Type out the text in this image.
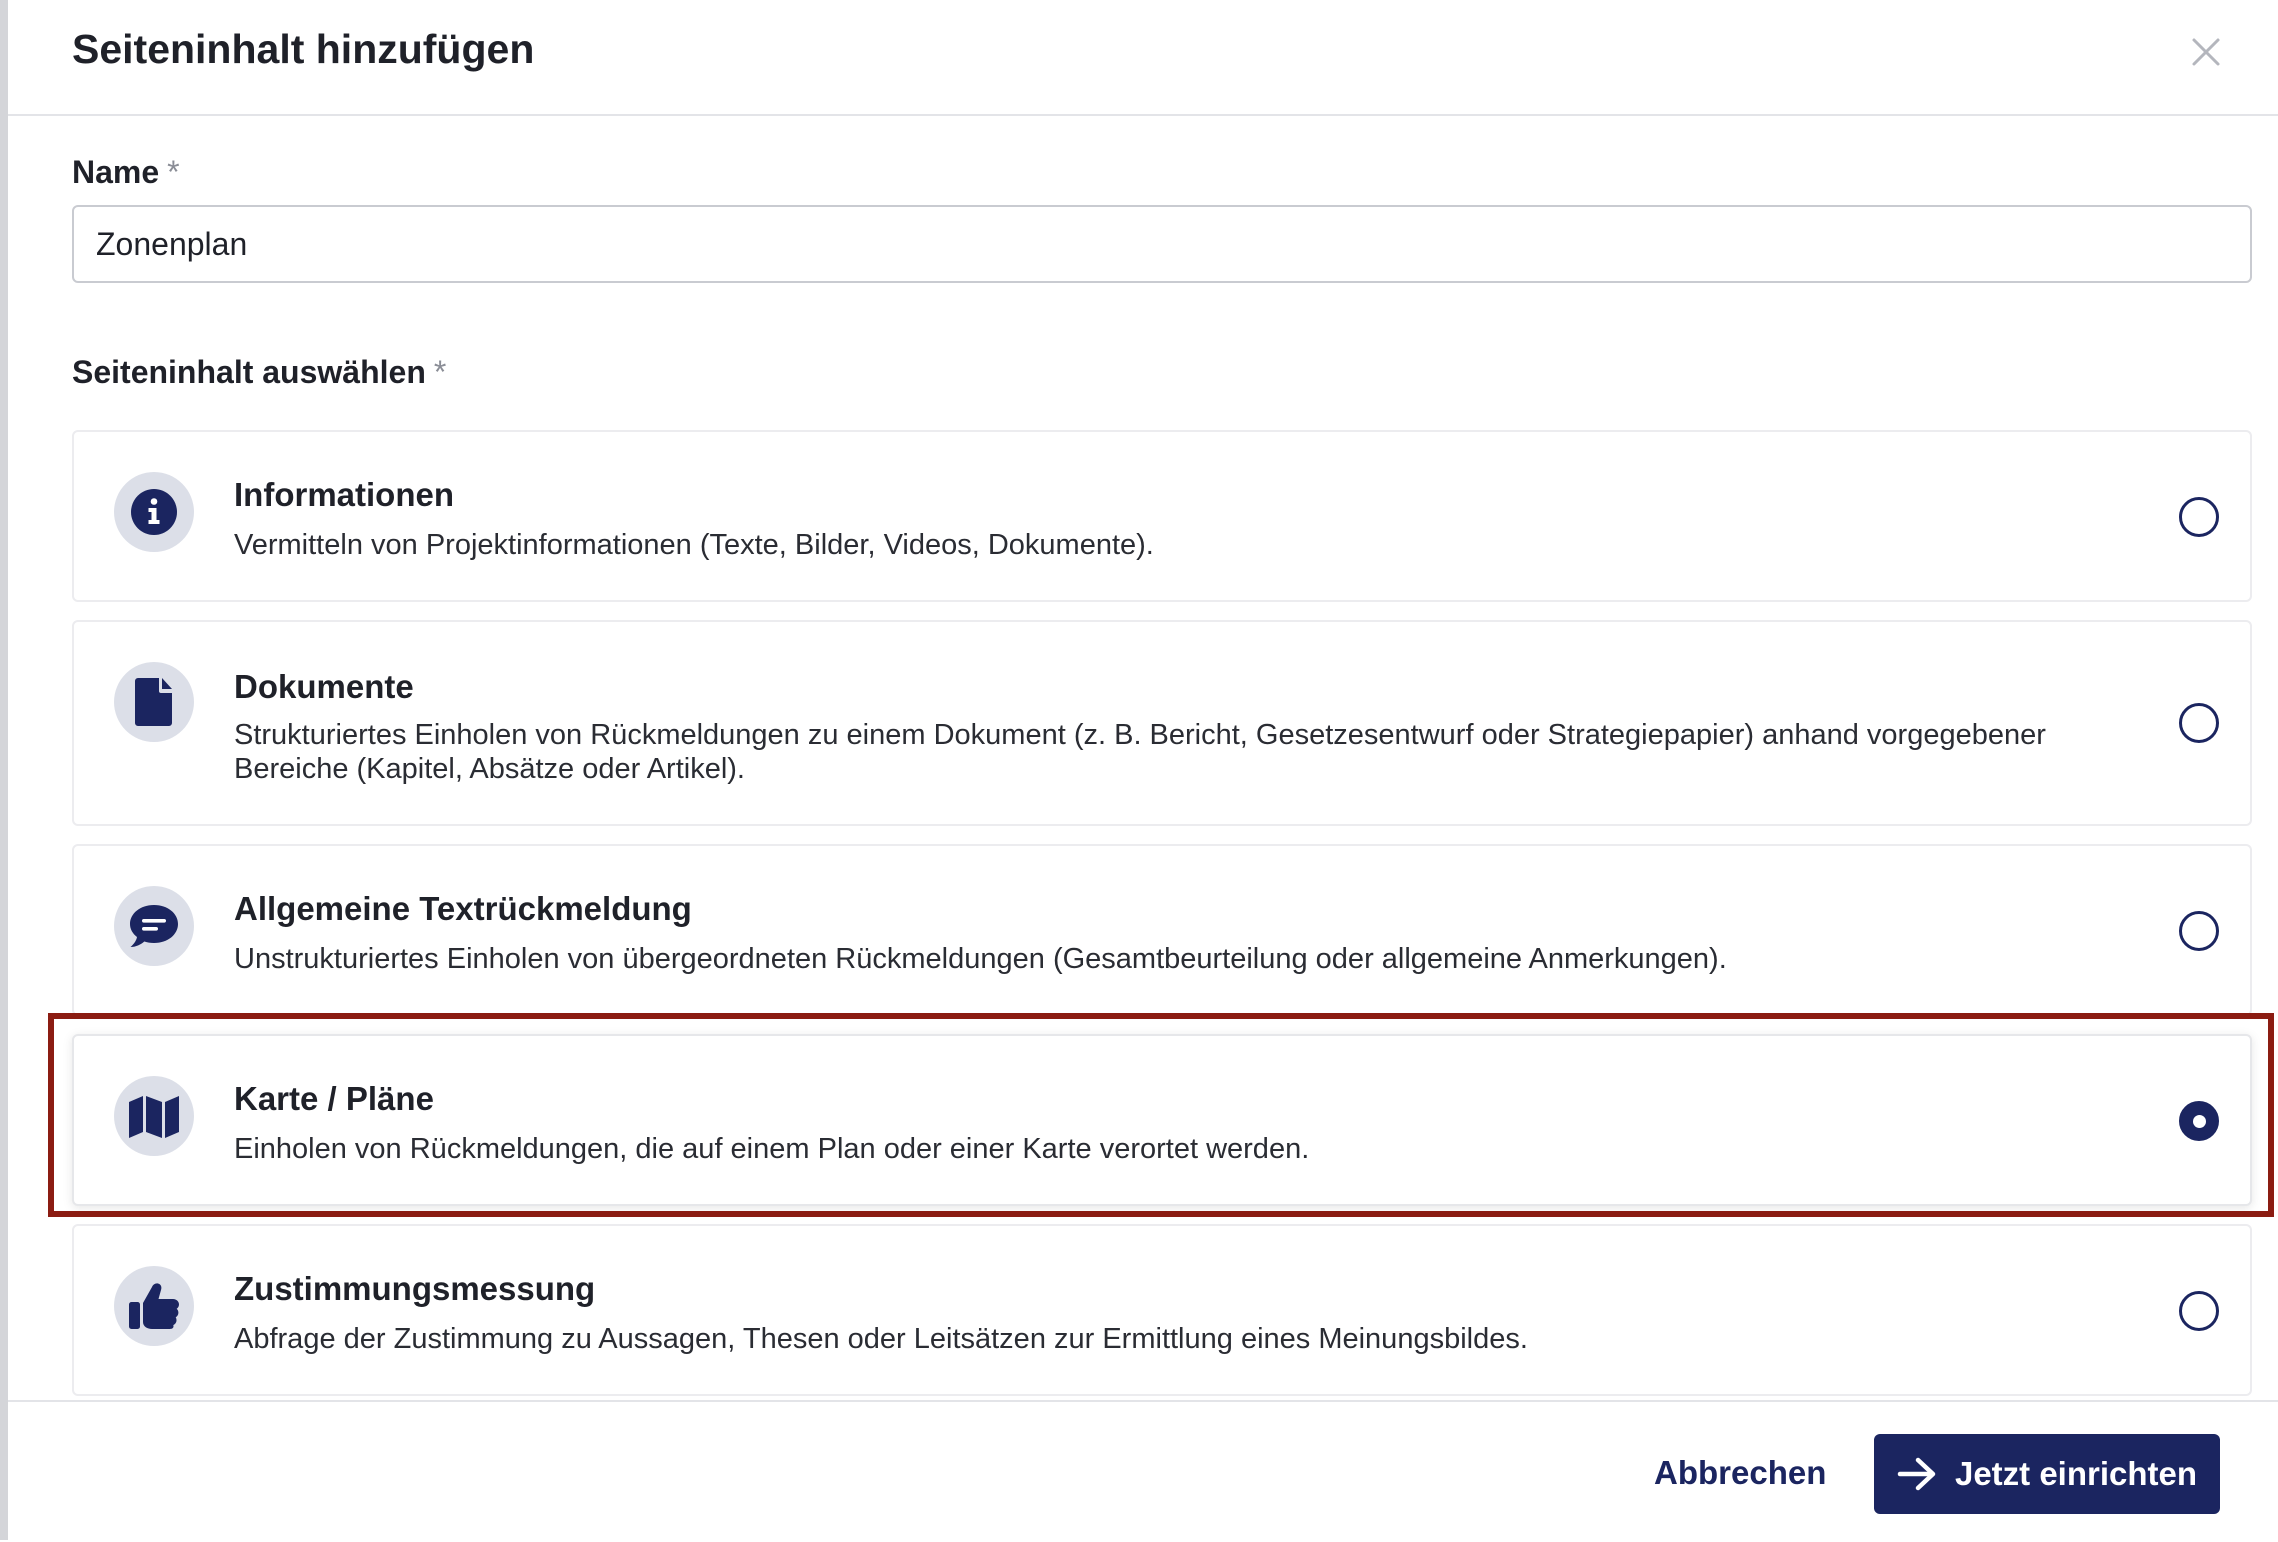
Seiteninhalt hinzufügen
Name *
Zonenplan
Seiteninhalt auswählen *
Informationen
Vermitteln von Projektinformationen (Texte, Bilder, Videos, Dokumente).
Dokumente
Strukturiertes Einholen von Rückmeldungen zu einem Dokument (z. B. Bericht, Gesetzesentwurf oder Strategiepapier) anhand vorgegebener Bereiche (Kapitel, Absätze oder Artikel).
Allgemeine Textrückmeldung
Unstrukturiertes Einholen von übergeordneten Rückmeldungen (Gesamtbeurteilung oder allgemeine Anmerkungen).
Karte / Pläne
Einholen von Rückmeldungen, die auf einem Plan oder einer Karte verortet werden.
Zustimmungsmessung
Abfrage der Zustimmung zu Aussagen, Thesen oder Leitsätzen zur Ermittlung eines Meinungsbildes.
Abbrechen	Jetzt einrichten
